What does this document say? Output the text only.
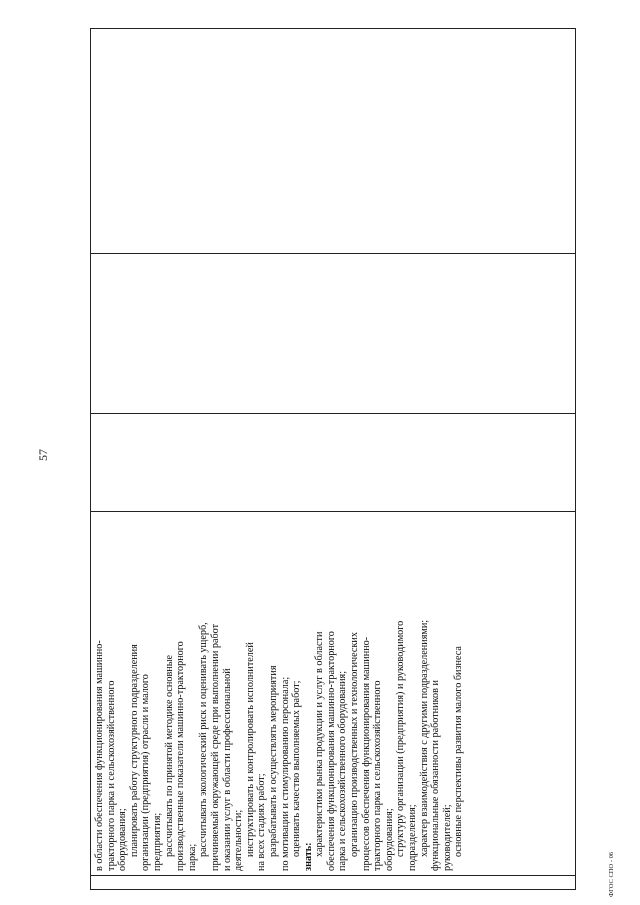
57

в области обеспечения функционирования машинно- тракторного парка и сельскохозяйственного оборудования; планировать работу структурного подразделения организации (предприятия) отрасли и малого предприятия; рассчитывать по принятой методике основные производственные показатели машинно-тракторного парка;

рассчитывать экологический риск и оценивать ущерб, причиняемый окружающей среде при выполнении работ и оказании услуг в области профессиональной деятельности; инструктировать и контролировать исполнителей на всех стадиях работ; разрабатывать и осуществлять мероприятия по мотивации и стимулированию персонала; оценивать качество выполняемых работ; знать: характеристики рынка продукции и услуг в области обеспечения функционирования машинно-тракторного парка и сельскохозяйственного оборудования; организацию производственных и технологических процессов обеспечения функционирования машинно- тракторного парка и сельскохозяйственного оборудования; структуру организации (предприятия) и руководимого подразделения; характер взаимодействия с другими подразделениями; функциональные обязанности работников и руководителей; основные перспективы развития малого бизнеса

ФГОС СПО - 06
